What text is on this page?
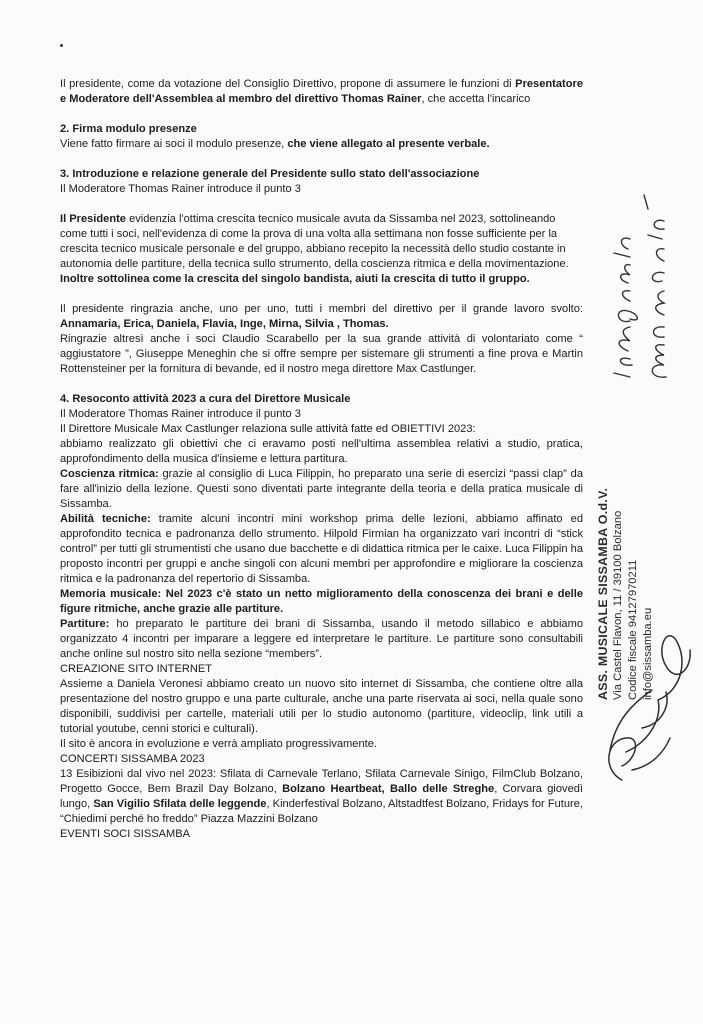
Il presidente, come da votazione del Consiglio Direttivo, propone di assumere le funzioni di Presentatore e Moderatore dell'Assemblea al membro del direttivo Thomas Rainer, che accetta l'incarico

2. Firma modulo presenze

Viene fatto firmare ai soci il modulo presenze, che viene allegato al presente verbale.

3. Introduzione e relazione generale del Presidente sullo stato dell'associazione

Il Moderatore Thomas Rainer introduce il punto 3

Il Presidente evidenzia l'ottima crescita tecnico musicale avuta da Sissamba nel 2023, sottolineando come tutti i soci, nell'evidenza di come la prova di una volta alla settimana non fosse sufficiente per la crescita tecnico musicale personale e del gruppo, abbiano recepito la necessità dello studio costante in autonomia delle partiture, della tecnica sullo strumento, della coscienza ritmica e della movimentazione.

Inoltre sottolinea come la crescita del singolo bandista, aiuti la crescita di tutto il gruppo.

Il presidente ringrazia anche, uno per uno, tutti i membri del direttivo per il grande lavoro svolto: Annamaria, Erica, Daniela, Flavia, Inge, Mirna, Silvia , Thomas.

Ringrazie altresì anche i soci Claudio Scarabello per la sua grande attività di volontariato come “ aggiustatore ”, Giuseppe Meneghin che si offre sempre per sistemare gli strumenti a fine prova e Martin Rottensteiner per la fornitura di bevande, ed il nostro mega direttore Max Castlunger.

4. Resoconto attività 2023 a cura del Direttore Musicale

Il Moderatore Thomas Rainer introduce il punto 3

Il Direttore Musicale Max Castlunger relaziona sulle attività fatte ed OBIETTIVI 2023:

abbiamo realizzato gli obiettivi che ci eravamo posti nell'ultima assemblea relativi a studio, pratica, approfondimento della musica d'insieme e lettura partitura.

Coscienza ritmica: grazie al consiglio di Luca Filippin, ho preparato una serie di esercizi “passi clap” da fare all'inizio della lezione. Questi sono diventati parte integrante della teoria e della pratica musicale di Sissamba.

Abilità tecniche: tramite alcuni incontri mini workshop prima delle lezioni, abbiamo affinato ed approfondito tecnica e padronanza dello strumento. Hilpold Firmian ha organizzato vari incontri di “stick control” per tutti gli strumentisti che usano due bacchette e di didattica ritmica per le caixe. Luca Filippin ha proposto incontri per gruppi e anche singoli con alcuni membri per approfondire e migliorare la coscienza ritmica e la padronanza del repertorio di Sissamba.

Memoria musicale: Nel 2023 c'è stato un netto miglioramento della conoscenza dei brani e delle figure ritmiche, anche grazie alle partiture.

Partiture: ho preparato le partiture dei brani di Sissamba, usando il metodo sillabico e abbiamo organizzato 4 incontri per imparare a leggere ed interpretare le partiture. Le partiture sono consultabili anche online sul nostro sito nella sezione “members”.

CREAZIONE SITO INTERNET

Assieme a Daniela Veronesi abbiamo creato un nuovo sito internet di Sissamba, che contiene oltre alla presentazione del nostro gruppo e una parte culturale, anche una parte riservata ai soci, nella quale sono disponibili, suddivisi per cartelle, materiali utili per lo studio autonomo (partiture, videoclip, link utili a tutorial youtube, cenni storici e culturali).

Il sito è ancora in evoluzione e verrà ampliato progressivamente.

CONCERTI SISSAMBA 2023

13 Esibizioni dal vivo nel 2023: Sfilata di Carnevale Terlano, Sfilata Carnevale Sinigo, FilmClub Bolzano, Progetto Gocce, Bem Brazil Day Bolzano, Bolzano Heartbeat, Ballo delle Streghe, Corvara giovedì lungo, San Vigilio Sfilata delle leggende, Kinderfestival Bolzano, Altstadtfest Bolzano, Fridays for Future, “Chiedimi perché ho freddo” Piazza Mazzini Bolzano

EVENTI SOCI SISSAMBA

ASS. MUSICALE SISSAMBA O.d.V. Via Castel Flavon, 11 / 39100 Bolzano Codice fiscale 94127970211 info@sissamba.eu
